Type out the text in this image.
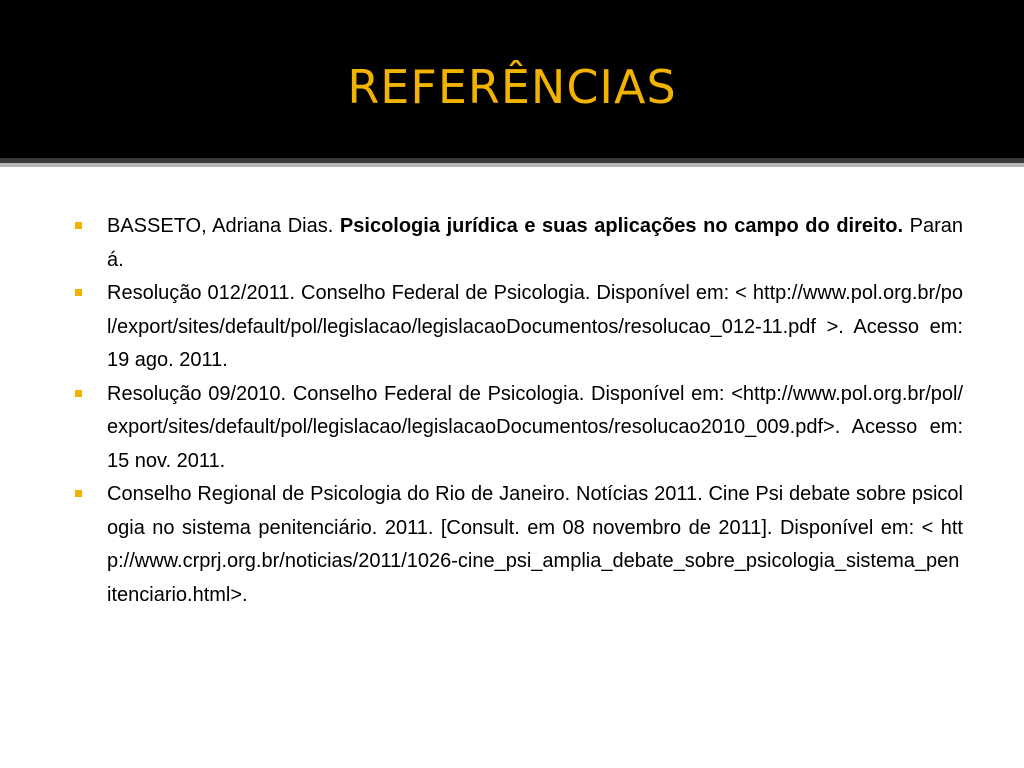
REFERÊNCIAS
BASSETO, Adriana Dias. Psicologia jurídica e suas aplicações no campo do direito. Paraná.
Resolução 012/2011. Conselho Federal de Psicologia. Disponível em: < http://www.pol.org.br/pol/export/sites/default/pol/legislacao/legislacaoDocumentos/resolucao_012-11.pdf >. Acesso em: 19 ago. 2011.
Resolução 09/2010. Conselho Federal de Psicologia. Disponível em: <http://www.pol.org.br/pol/export/sites/default/pol/legislacao/legislacaoDocumentos/resolucao2010_009.pdf>. Acesso em: 15 nov. 2011.
Conselho Regional de Psicologia do Rio de Janeiro. Notícias 2011. Cine Psi debate sobre psicologia no sistema penitenciário. 2011. [Consult. em 08 novembro de 2011]. Disponível em: < http://www.crprj.org.br/noticias/2011/1026-cine_psi_amplia_debate_sobre_psicologia_sistema_penitenciario.html>.
